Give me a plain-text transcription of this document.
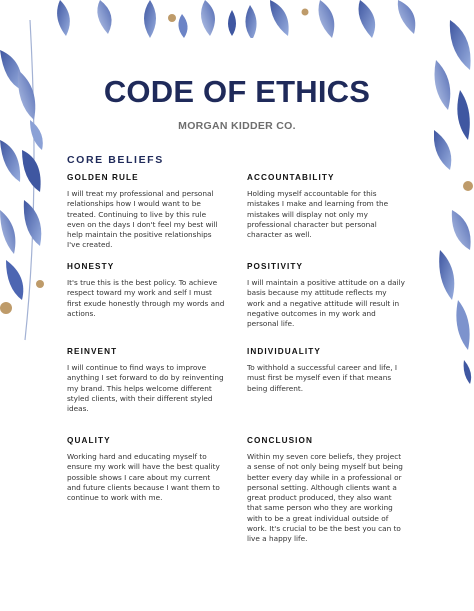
CODE OF ETHICS
MORGAN KIDDER CO.
CORE BELIEFS
GOLDEN RULE

I will treat my professional and personal relationships how I would want to be treated. Continuing to live by this rule even on the days I don't feel my best will help maintain the positive relationships I've created.

ACCOUNTABILITY

Holding myself accountable for this mistakes I make and learning from the mistakes will display not only my professional character but personal character as well.

HONESTY

It's true this is the best policy. To achieve respect toward my work and self I must first exude honestly through my words and actions.

POSITIVITY

I will maintain a positive attitude on a daily basis because my attitude reflects my work and a negative attitude will result in negative outcomes in my work and personal life.

REINVENT

I will continue to find ways to improve anything I set forward to do by reinventing my brand. This helps welcome different styled clients, with their different styled ideas.

INDIVIDUALITY

To withhold a successful career and life, I must first be myself even if that means being different.

QUALITY

Working hard and educating myself to ensure my work will have the best quality possible shows I care about my current and future clients because I want them to continue to work with me.

CONCLUSION

Within my seven core beliefs, they project a sense of not only being myself but being better every day while in a professional or personal setting. Although clients want a great product produced, they also want that same person who they are working with to be a great individual outside of work. It's crucial to be the best you can to live a happy life.
